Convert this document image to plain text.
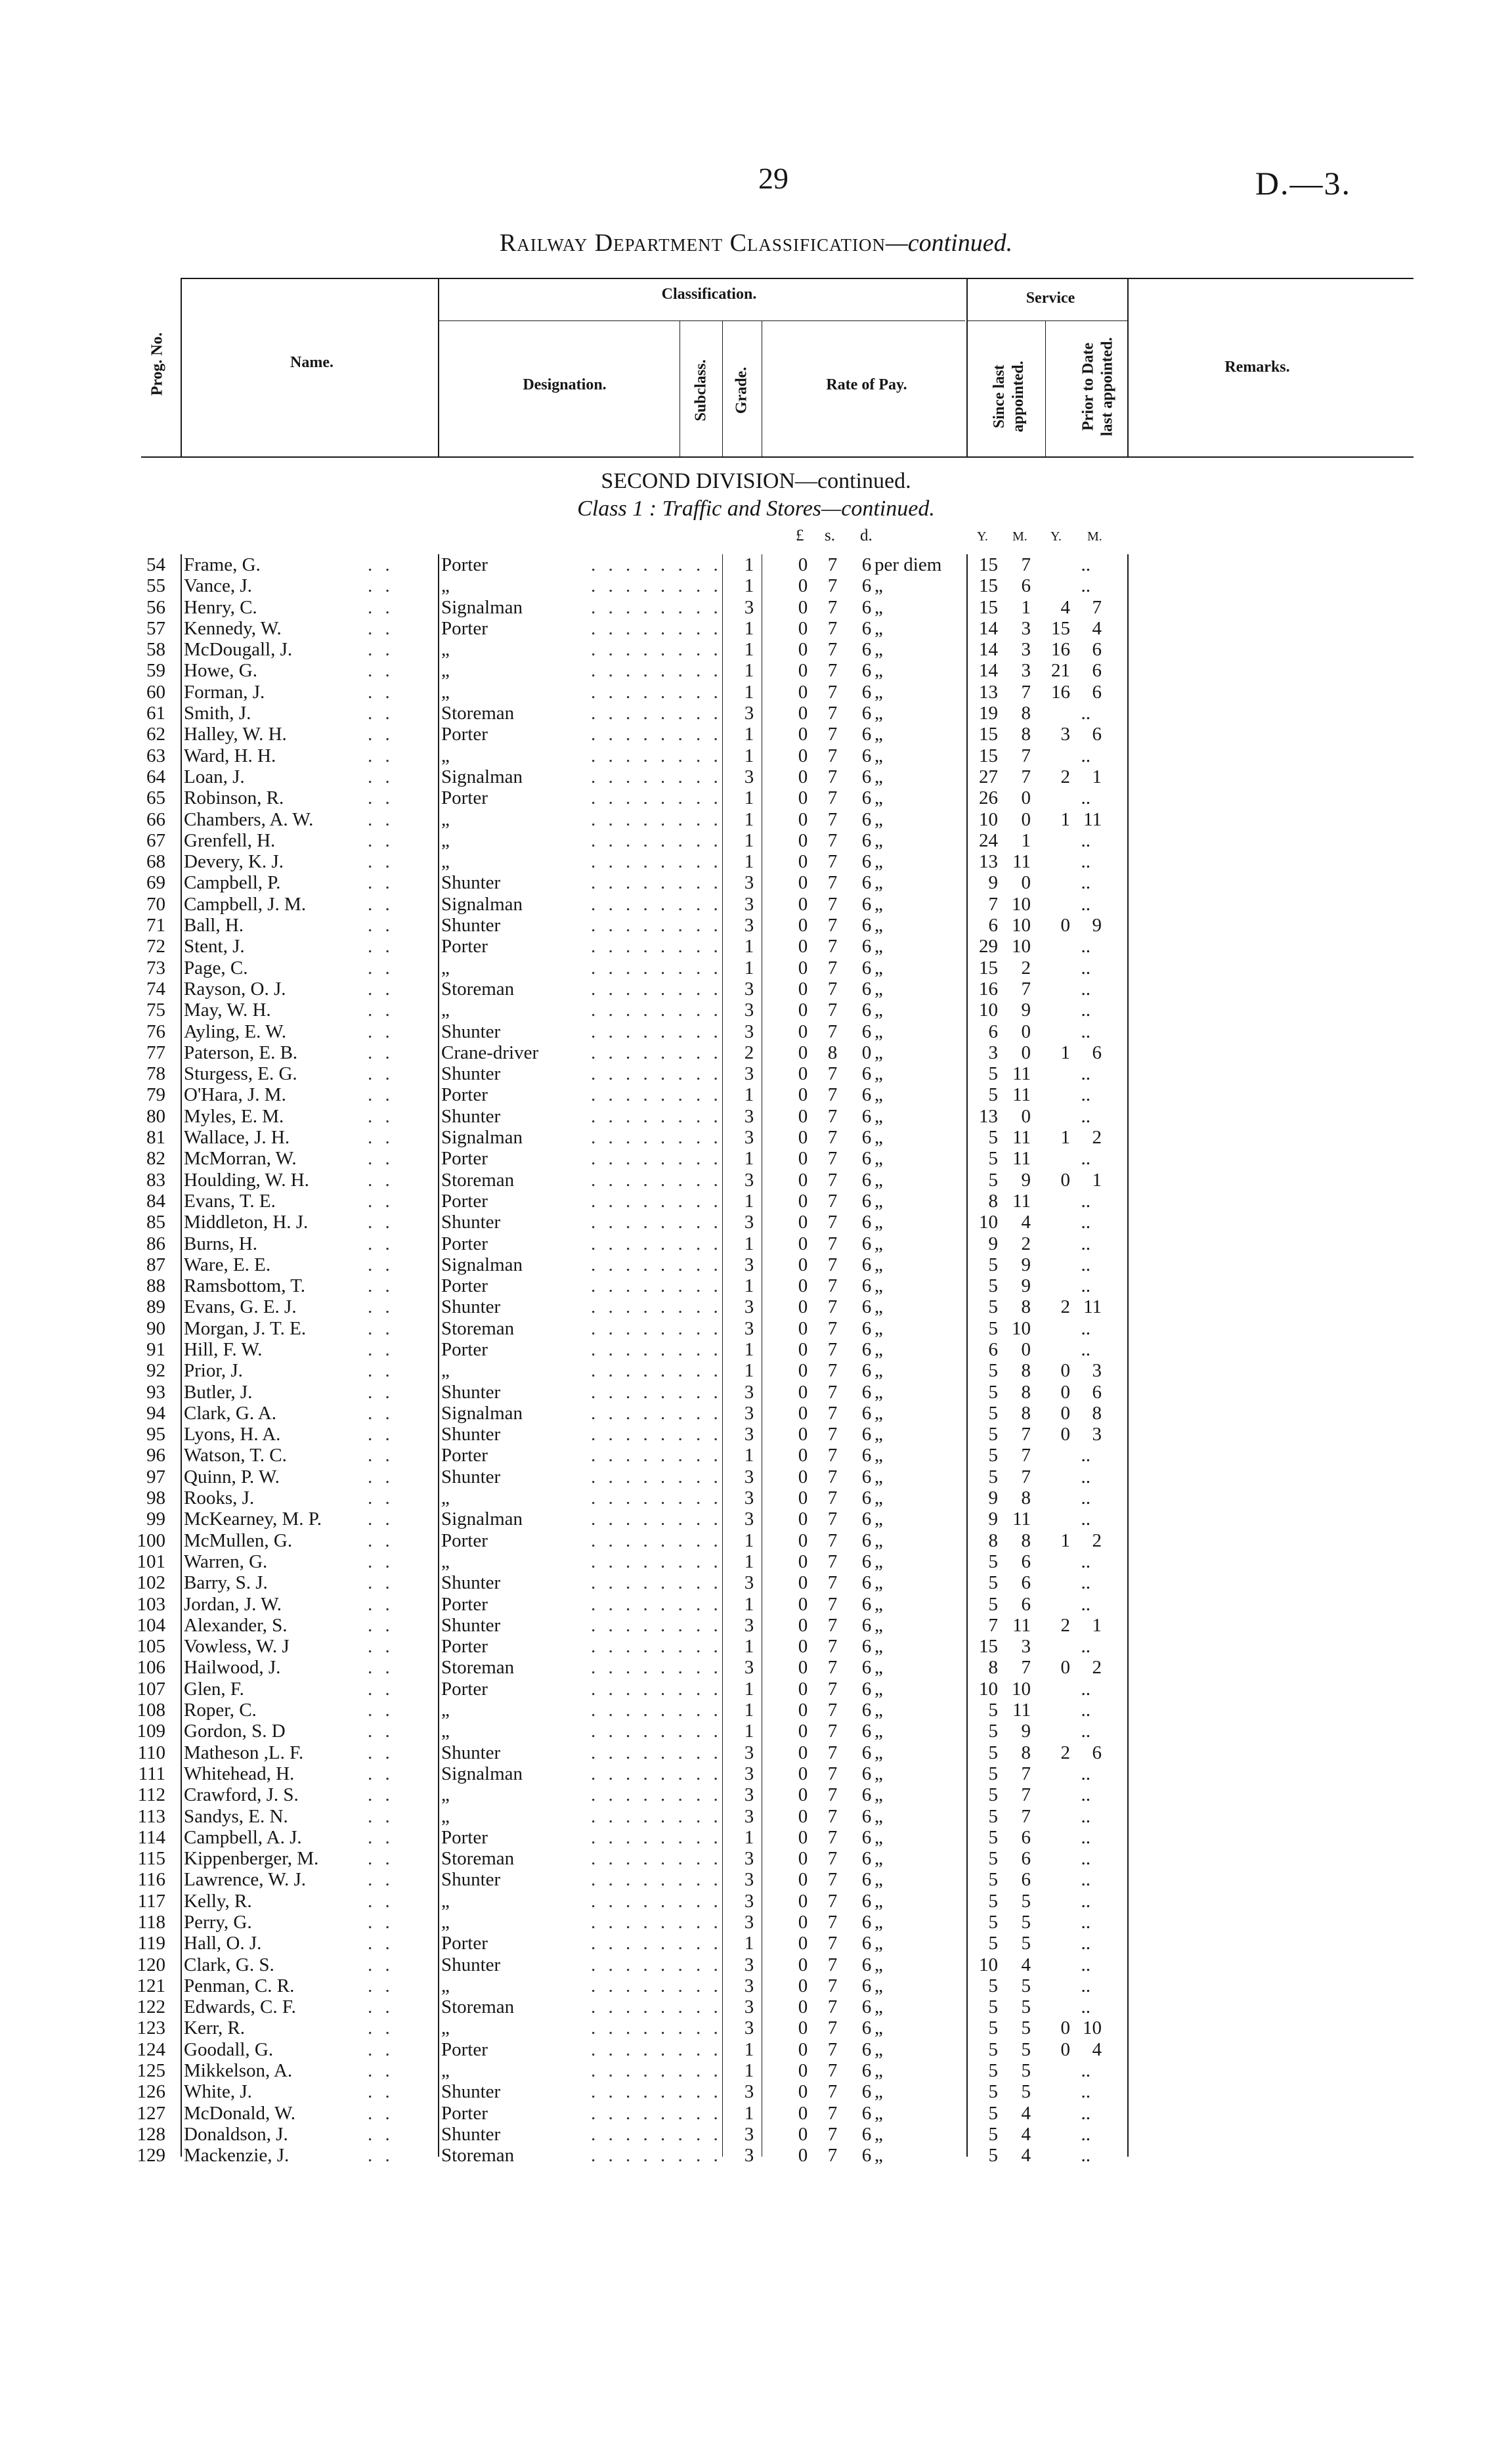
29	D.—3.
Railway Department Classification—continued.
Prog. No.	Name.
Classification.
Designation.	Subclass. Grade.	Rate of Pay.
Service
Since last appointed.	Prior to Date last appointed.	Remarks.
SECOND DIVISION—continued.
Class 1 : Traffic and Stores—continued.
£ s. d.	Y. M. Y. M.
. .	. . . . . . . .
54 Frame, G.	Porter	1	0	7	6 per diem	15	7	..
. .	. . . . . . . .
55 Vance, J.	„	1	0	7	6 „	15	6	..
. .	. . . . . . . .
56 Henry, C.	Signalman	3	0	7	6 „	15	1	4	7
. .	. . . . . . . .
57 Kennedy, W.	Porter	1	0	7	6 „	14	3	15	4
. .	. . . . . . . .
58 McDougall, J.	„	1	0	7	6 „	14	3	16	6
. .	. . . . . . . .
59 Howe, G.	„	1	0	7	6 „	14	3	21	6
. .	. . . . . . . .
60 Forman, J.	„	1	0	7	6 „	13	7	16	6
. .	. . . . . . . .
61 Smith, J.	Storeman	3	0	7	6 „	19	8	..
. .	. . . . . . . .
62 Halley, W. H.	Porter	1	0	7	6 „	15	8	3	6
. .	. . . . . . . .
63 Ward, H. H.	„	1	0	7	6 „	15	7	..
. .	. . . . . . . .
64 Loan, J.	Signalman	3	0	7	6 „	27	7	2	1
. .	. . . . . . . .
65 Robinson, R.	Porter	1	0	7	6 „	26	0	..
. .	. . . . . . . .
66 Chambers, A. W.	„	1	0	7	6 „	10	0	1 11
. .	. . . . . . . .
67 Grenfell, H.	„	1	0	7	6 „	24	1	..
. .	. . . . . . . .
68 Devery, K. J.	„	1	0	7	6 „	13 11	..
. .	. . . . . . . .
69 Campbell, P.	Shunter	3	0	7	6 „	9	0	..
. .	. . . . . . . .
70 Campbell, J. M.	Signalman	3	0	7	6 „	7 10	..
. .	. . . . . . . .
71 Ball, H.	Shunter	3	0	7	6 „	6 10	0	9
. .	. . . . . . . .
72 Stent, J.	Porter	1	0	7	6 „	29 10	..
. .	. . . . . . . .
73 Page, C.	„	1	0	7	6 „	15	2	..
. .	. . . . . . . .
74 Rayson, O. J.	Storeman	3	0	7	6 „	16	7	..
. .	. . . . . . . .
75 May, W. H.	„	3	0	7	6 „	10	9	..
. .	. . . . . . . .
76 Ayling, E. W.	Shunter	3	0	7	6 „	6	0	..
. .	. . . . . . . .
77 Paterson, E. B.	Crane-driver	2	0	8	0 „	3	0	1	6
. .	. . . . . . . .
78 Sturgess, E. G.	Shunter	3	0	7	6 „	5 11	..
. .	. . . . . . . .
79 O'Hara, J. M.	Porter	1	0	7	6 „	5 11	..
. .	. . . . . . . .
80 Myles, E. M.	Shunter	3	0	7	6 „	13	0	..
. .	. . . . . . . .
81 Wallace, J. H.	Signalman	3	0	7	6 „	5 11	1	2
. .	. . . . . . . .
82 McMorran, W.	Porter	1	0	7	6 „	5 11	..
. .	. . . . . . . .
83 Houlding, W. H.	Storeman	3	0	7	6 „	5	9	0	1
. .	. . . . . . . .
84 Evans, T. E.	Porter	1	0	7	6 „	8 11	..
. .	. . . . . . . .
85 Middleton, H. J.	Shunter	3	0	7	6 „	10	4	..
. .	. . . . . . . .
86 Burns, H.	Porter	1	0	7	6 „	9	2	..
. .	. . . . . . . .
87 Ware, E. E.	Signalman	3	0	7	6 „	5	9	..
. .	. . . . . . . .
88 Ramsbottom, T.	Porter	1	0	7	6 „	5	9	..
. .	. . . . . . . .
89 Evans, G. E. J.	Shunter	3	0	7	6 „	5	8	2 11
. .	. . . . . . . .
90 Morgan, J. T. E.	Storeman	3	0	7	6 „	5 10	..
. .	. . . . . . . .
91 Hill, F. W.	Porter	1	0	7	6 „	6	0	..
. .	. . . . . . . .
92 Prior, J.	„	1	0	7	6 „	5	8	0	3
. .	. . . . . . . .
93 Butler, J.	Shunter	3	0	7	6 „	5	8	0	6
. .	. . . . . . . .
94 Clark, G. A.	Signalman	3	0	7	6 „	5	8	0	8
. .	. . . . . . . .
95 Lyons, H. A.	Shunter	3	0	7	6 „	5	7	0	3
. .	. . . . . . . .
96 Watson, T. C.	Porter	1	0	7	6 „	5	7	..
. .	. . . . . . . .
97 Quinn, P. W.	Shunter	3	0	7	6 „	5	7	..
. .	. . . . . . . .
98 Rooks, J.	„	3	0	7	6 „	9	8	..
. .	. . . . . . . .
99 McKearney, M. P.	Signalman	3	0	7	6 „	9 11	..
. .	. . . . . . . .
100 McMullen, G.	Porter	1	0	7	6 „	8	8	1	2
. .	. . . . . . . .
101 Warren, G.	„	1	0	7	6 „	5	6	..
. .	. . . . . . . .
102 Barry, S. J.	Shunter	3	0	7	6 „	5	6	..
. .	. . . . . . . .
103 Jordan, J. W.	Porter	1	0	7	6 „	5	6	..
. .	. . . . . . . .
104 Alexander, S.	Shunter	3	0	7	6 „	7 11	2	1
. .	. . . . . . . .
105 Vowless, W. J	Porter	1	0	7	6 „	15	3	..
. .	. . . . . . . .
106 Hailwood, J.	Storeman	3	0	7	6 „	8	7	0	2
. .	. . . . . . . .
107 Glen, F.	Porter	1	0	7	6 „	10 10	..
. .	. . . . . . . .
108 Roper, C.	„	1	0	7	6 „	5 11	..
. .	. . . . . . . .
109 Gordon, S. D	„	1	0	7	6 „	5	9	..
. .	. . . . . . . .
110 Matheson ,L. F.	Shunter	3	0	7	6 „	5	8	2	6
. .	. . . . . . . .
111 Whitehead, H.	Signalman	3	0	7	6 „	5	7	..
. .	. . . . . . . .
112 Crawford, J. S.	„	3	0	7	6 „	5	7	..
. .	. . . . . . . .
113 Sandys, E. N.	„	3	0	7	6 „	5	7	..
. .	. . . . . . . .
114 Campbell, A. J.	Porter	1	0	7	6 „	5	6	..
. .	. . . . . . . .
115 Kippenberger, M.	Storeman	3	0	7	6 „	5	6	..
. .	. . . . . . . .
116 Lawrence, W. J.	Shunter	3	0	7	6 „	5	6	..
. .	. . . . . . . .
117 Kelly, R.	„	3	0	7	6 „	5	5	..
. .	. . . . . . . .
118 Perry, G.	„	3	0	7	6 „	5	5	..
. .	. . . . . . . .
119 Hall, O. J.	Porter	1	0	7	6 „	5	5	..
. .	. . . . . . . .
120 Clark, G. S.	Shunter	3	0	7	6 „	10	4	..
. .	. . . . . . . .
121 Penman, C. R.	„	3	0	7	6 „	5	5	..
. .	. . . . . . . .
122 Edwards, C. F.	Storeman	3	0	7	6 „	5	5	..
. .	. . . . . . . .
123 Kerr, R.	„	3	0	7	6 „	5	5	0 10
. .	. . . . . . . .
124 Goodall, G.	Porter	1	0	7	6 „	5	5	0	4
. .	. . . . . . . .
125 Mikkelson, A.	„	1	0	7	6 „	5	5	..
. .	. . . . . . . .
126 White, J.	Shunter	3	0	7	6 „	5	5	..
. .	. . . . . . . .
127 McDonald, W.	Porter	1	0	7	6 „	5	4	..
. .	. . . . . . . .
128 Donaldson, J.	Shunter	3	0	7	6 „	5	4	..
. .	. . . . . . . .
129 Mackenzie, J.	Storeman	3	0	7	6 „	5	4	..
